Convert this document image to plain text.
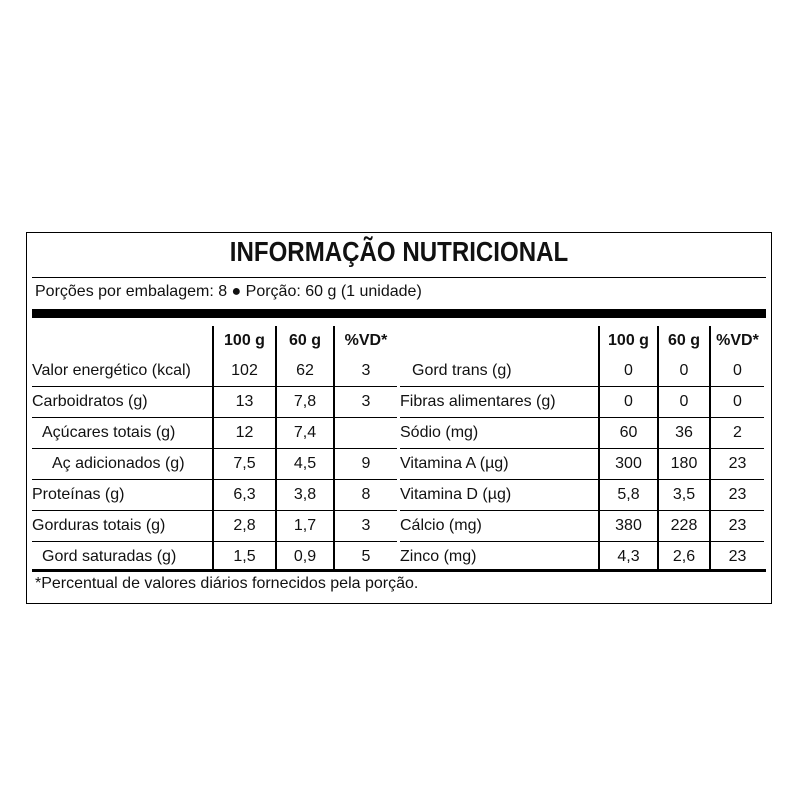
INFORMAÇÃO NUTRICIONAL
Porções por embalagem: 8 ● Porção: 60 g (1 unidade)
	100 g	60 g	%VD*
Valor energético (kcal)	102	62	3
Carboidratos (g)	13	7,8	3
Açúcares totais (g)	12	7,4	
Aç adicionados (g)	7,5	4,5	9
Proteínas (g)	6,3	3,8	8
Gorduras totais (g)	2,8	1,7	3
Gord saturadas (g)	1,5	0,9	5
	100 g	60 g	%VD*
Gord trans (g)	0	0	0
Fibras alimentares (g)	0	0	0
Sódio (mg)	60	36	2
Vitamina A (µg)	300	180	23
Vitamina D (µg)	5,8	3,5	23
Cálcio (mg)	380	228	23
Zinco (mg)	4,3	2,6	23
*Percentual de valores diários fornecidos pela porção.
